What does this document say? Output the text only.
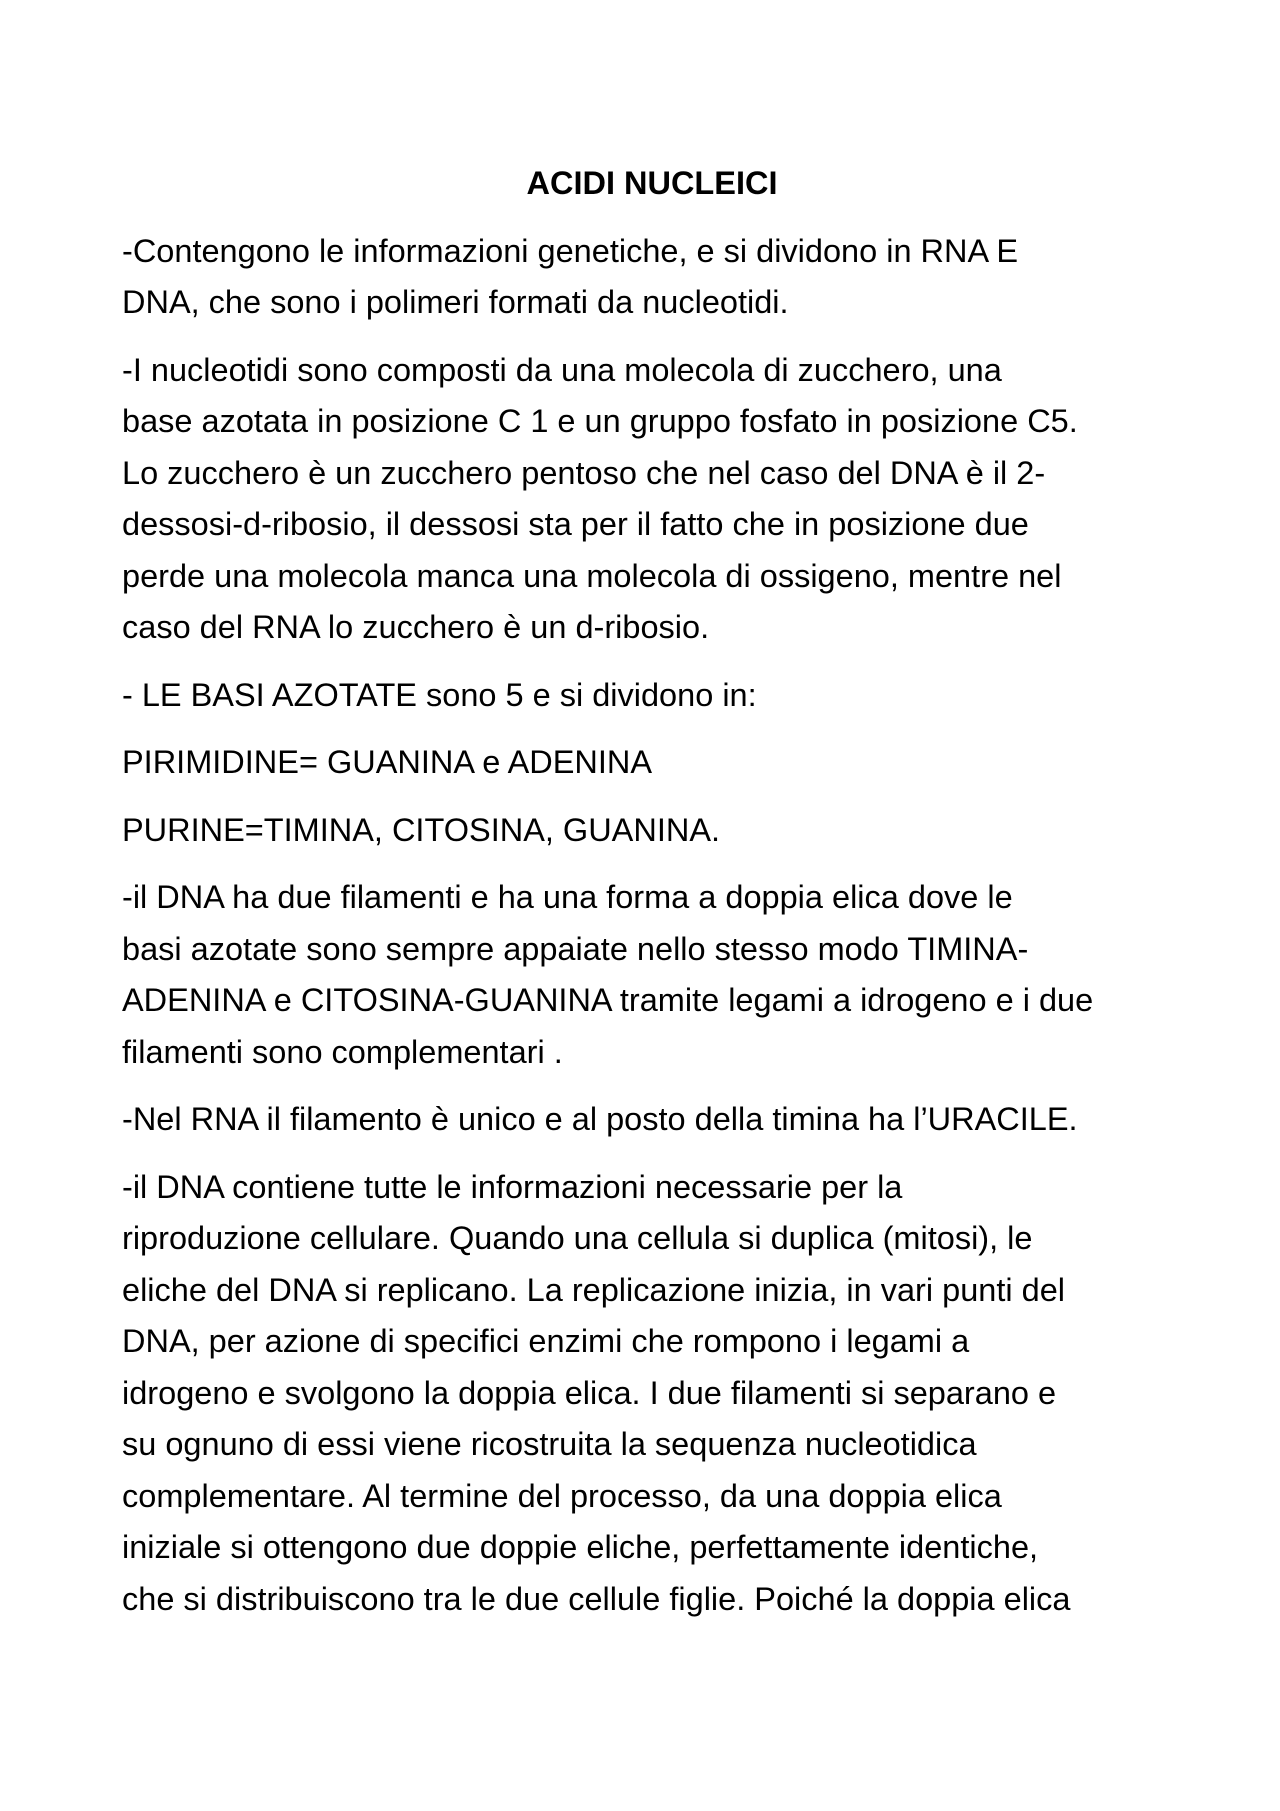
ACIDI NUCLEICI

-Contengono le informazioni genetiche, e si dividono in RNA E
DNA, che sono i polimeri formati da nucleotidi.

-I nucleotidi sono composti da una molecola di zucchero, una
base azotata in posizione C 1 e un gruppo fosfato in posizione C5.
Lo zucchero è un zucchero pentoso che nel caso del DNA è il 2-
dessosi-d-ribosio, il dessosi sta per il fatto che in posizione due
perde una molecola manca una molecola di ossigeno, mentre nel
caso del RNA lo zucchero è un d-ribosio.

- LE BASI AZOTATE sono 5 e si dividono in:

PIRIMIDINE= GUANINA e ADENINA

PURINE=TIMINA, CITOSINA, GUANINA.

-il DNA ha due filamenti e ha una forma a doppia elica dove le
basi azotate sono sempre appaiate nello stesso modo TIMINA-
ADENINA e CITOSINA-GUANINA tramite legami a idrogeno e i due
filamenti sono complementari .

-Nel RNA il filamento è unico e al posto della timina ha l’URACILE.

-il DNA contiene tutte le informazioni necessarie per la
riproduzione cellulare. Quando una cellula si duplica (mitosi), le
eliche del DNA si replicano. La replicazione inizia, in vari punti del
DNA, per azione di specifici enzimi che rompono i legami a
idrogeno e svolgono la doppia elica. I due filamenti si separano e
su ognuno di essi viene ricostruita la sequenza nucleotidica
complementare. Al termine del processo, da una doppia elica
iniziale si ottengono due doppie eliche, perfettamente identiche,
che si distribuiscono tra le due cellule figlie. Poiché la doppia elica
